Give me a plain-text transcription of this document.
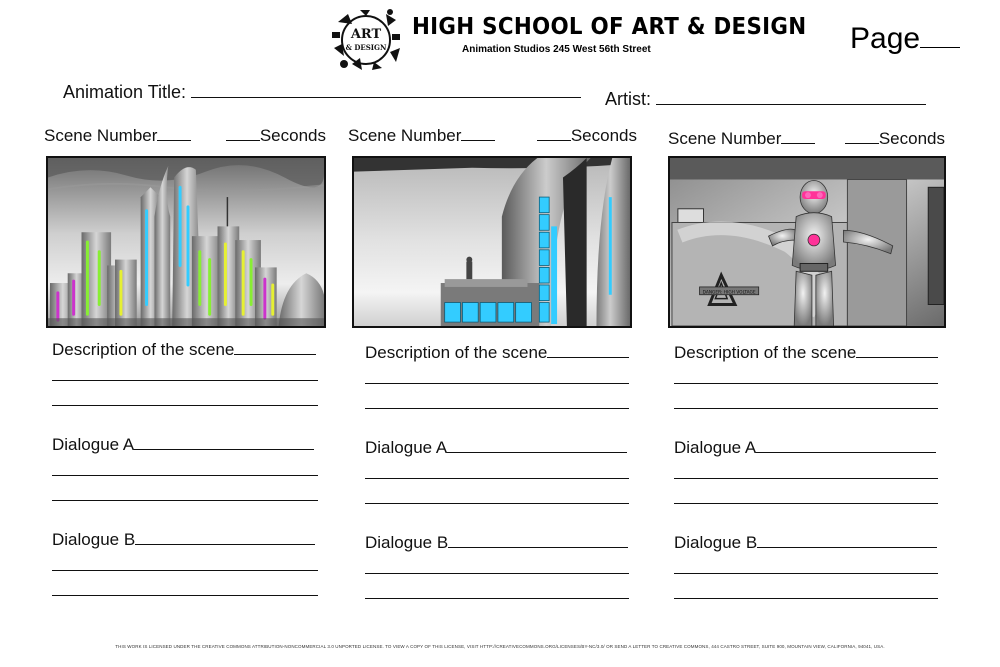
ART
& DESIGN
HIGH SCHOOL OF ART & DESIGN
Animation Studios 245 West 56th Street	Page
Animation Title:	Artist:
Scene Number	Seconds
Description of the scene
Dialogue A
Dialogue B
Scene Number	Seconds
Description of the scene
Dialogue A
Dialogue B
Scene Number	Seconds
DANGER: HIGH VOLTAGE
Description of the scene
Dialogue A
Dialogue B
THIS WORK IS LICENSED UNDER THE CREATIVE COMMONS ATTRIBUTION-NONCOMMERCIAL 3.0 UNPORTED LICENSE. TO VIEW A COPY OF THIS LICENSE, VISIT HTTP://CREATIVECOMMONS.ORG/LICENSES/BY-NC/3.0/ OR SEND A LETTER TO CREATIVE COMMONS, 444 CASTRO STREET, SUITE 900, MOUNTAIN VIEW, CALIFORNIA, 94041, USA.
